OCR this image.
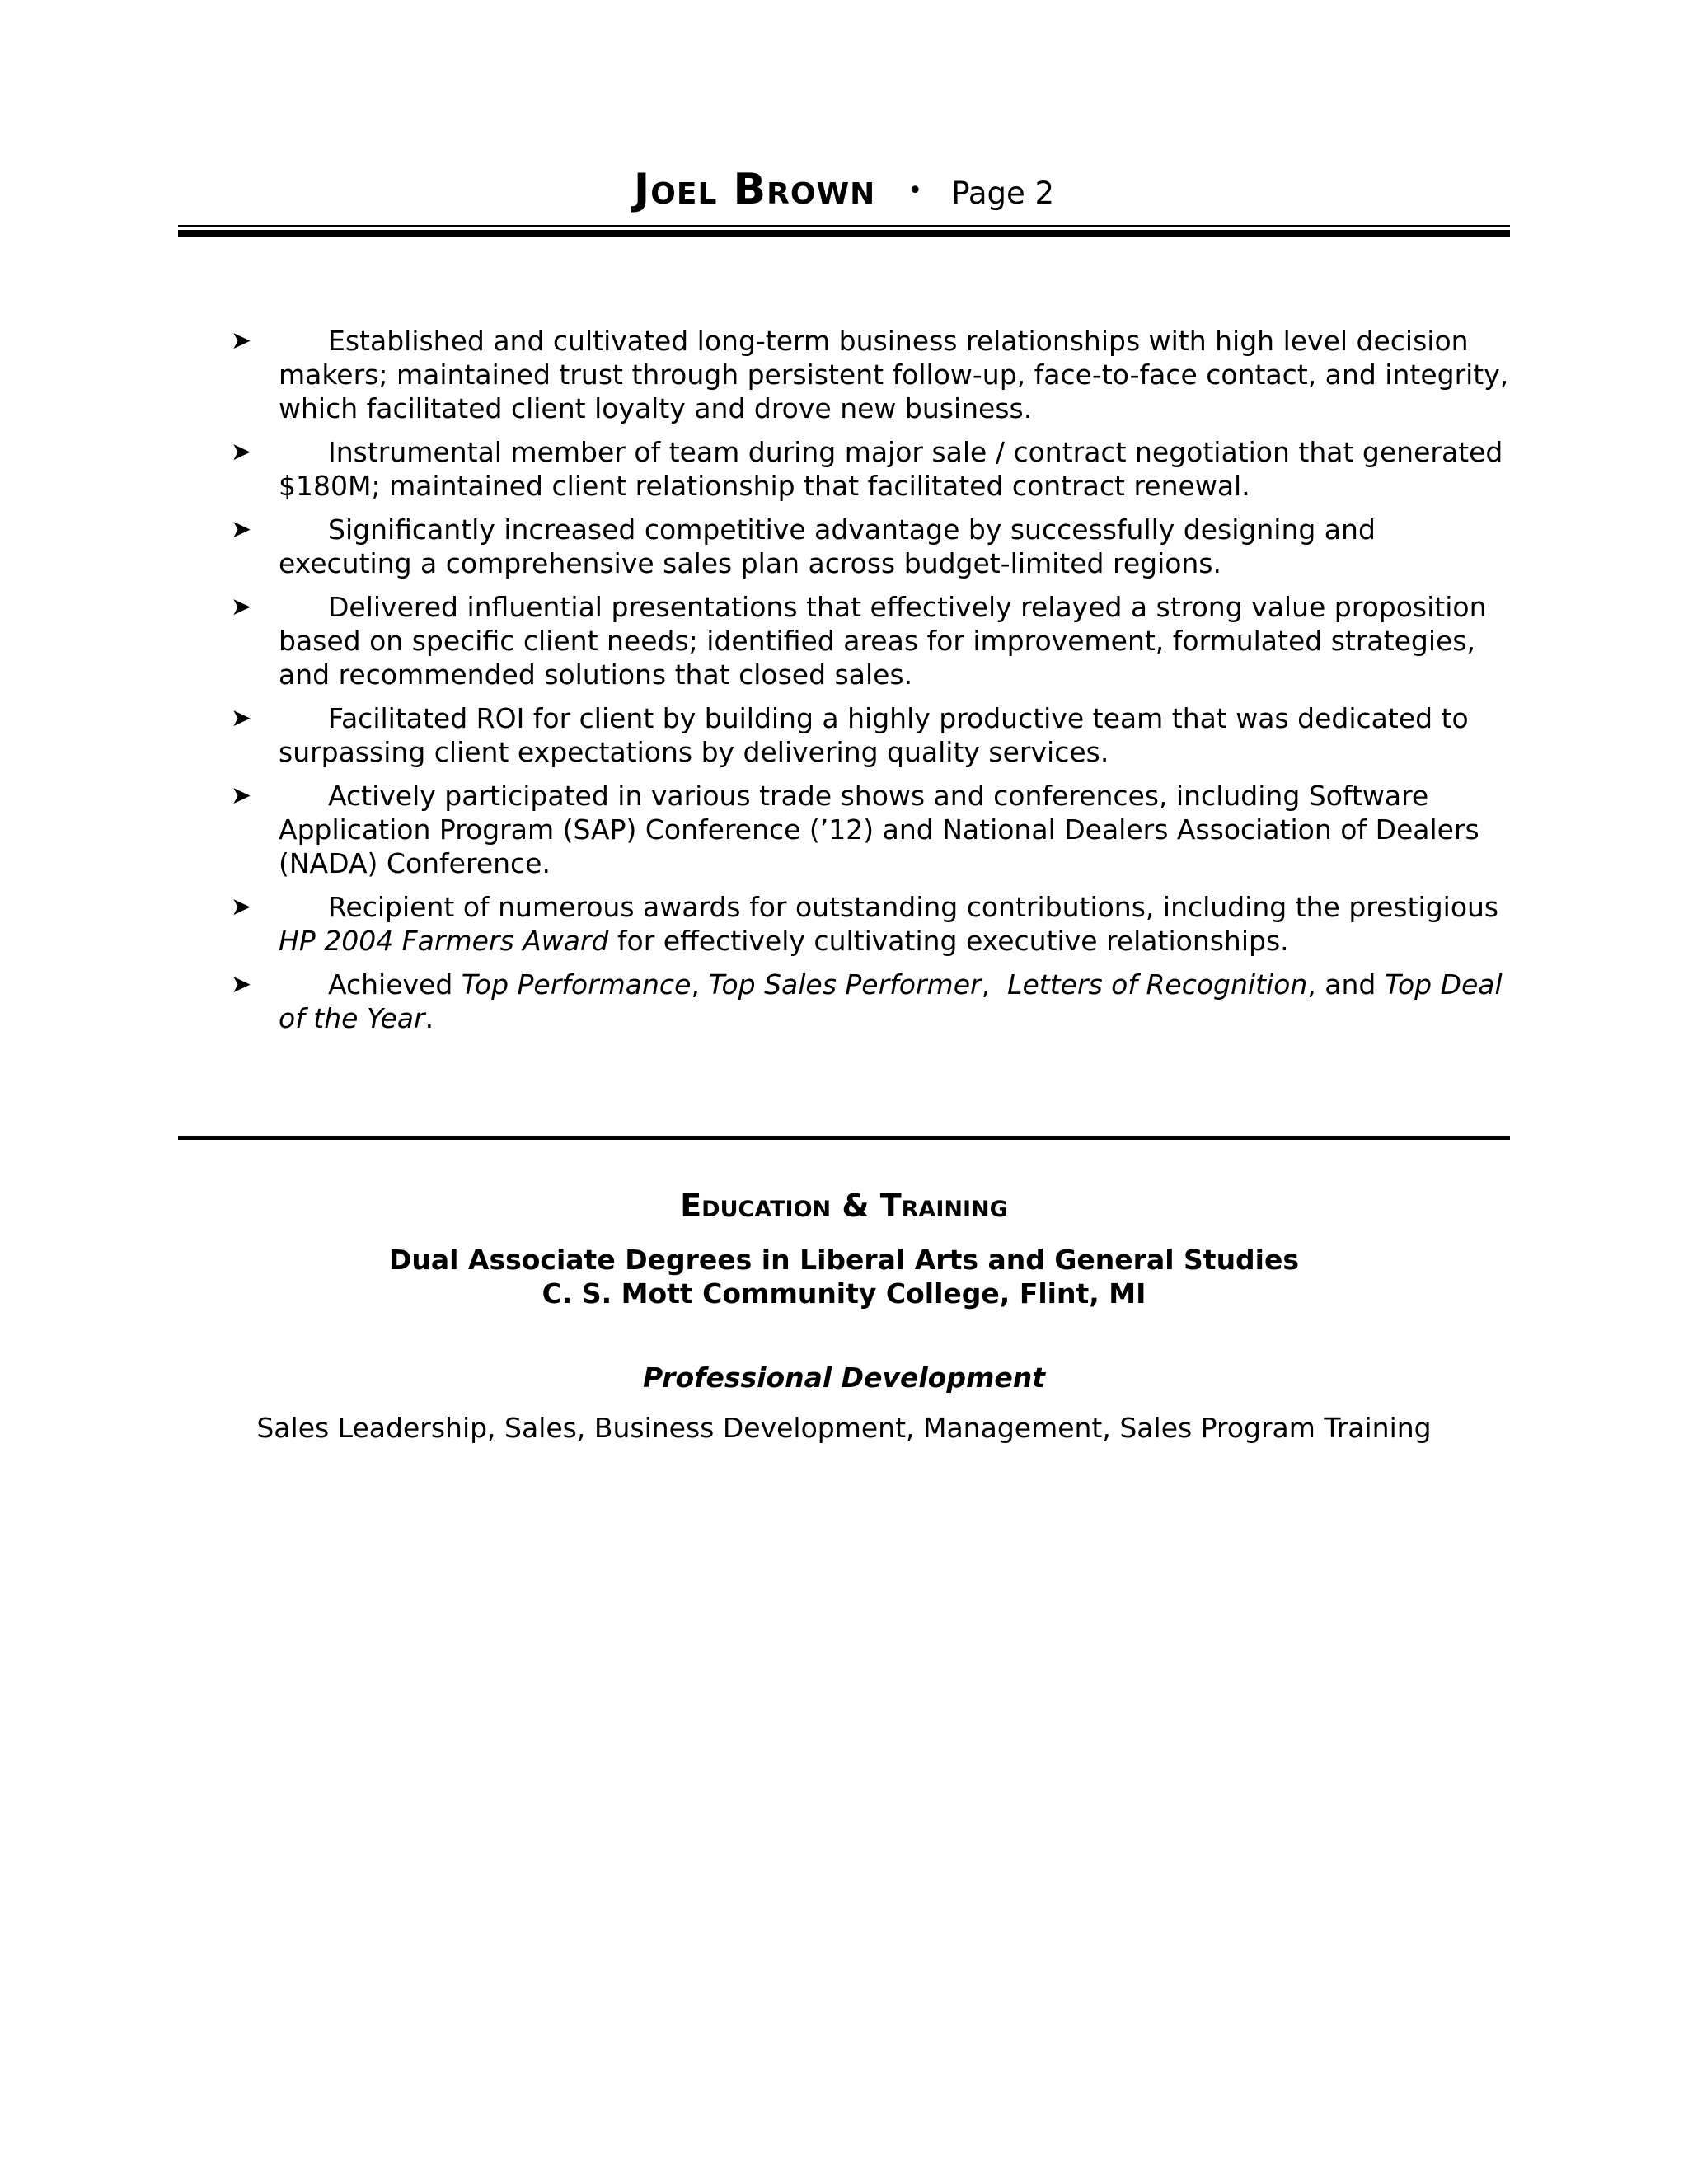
Joel Brown • Page 2
➤	Established and cultivated long-term business relationships with high level decision makers; maintained trust through persistent follow-up, face-to-face contact, and integrity, which facilitated client loyalty and drove new business.
➤	Instrumental member of team during major sale / contract negotiation that generated $180M; maintained client relationship that facilitated contract renewal.
➤	Significantly increased competitive advantage by successfully designing and executing a comprehensive sales plan across budget-limited regions.
➤	Delivered influential presentations that effectively relayed a strong value proposition based on specific client needs; identified areas for improvement, formulated strategies, and recommended solutions that closed sales.
➤	Facilitated ROI for client by building a highly productive team that was dedicated to surpassing client expectations by delivering quality services.
➤	Actively participated in various trade shows and conferences, including Software Application Program (SAP) Conference (’12) and National Dealers Association of Dealers (NADA) Conference.
➤	Recipient of numerous awards for outstanding contributions, including the prestigious HP 2004 Farmers Award for effectively cultivating executive relationships.
➤	Achieved Top Performance, Top Sales Performer,  Letters of Recognition, and Top Deal of the Year.
Education & Training
Dual Associate Degrees in Liberal Arts and General Studies
C. S. Mott Community College, Flint, MI
Professional Development
Sales Leadership, Sales, Business Development, Management, Sales Program Training
